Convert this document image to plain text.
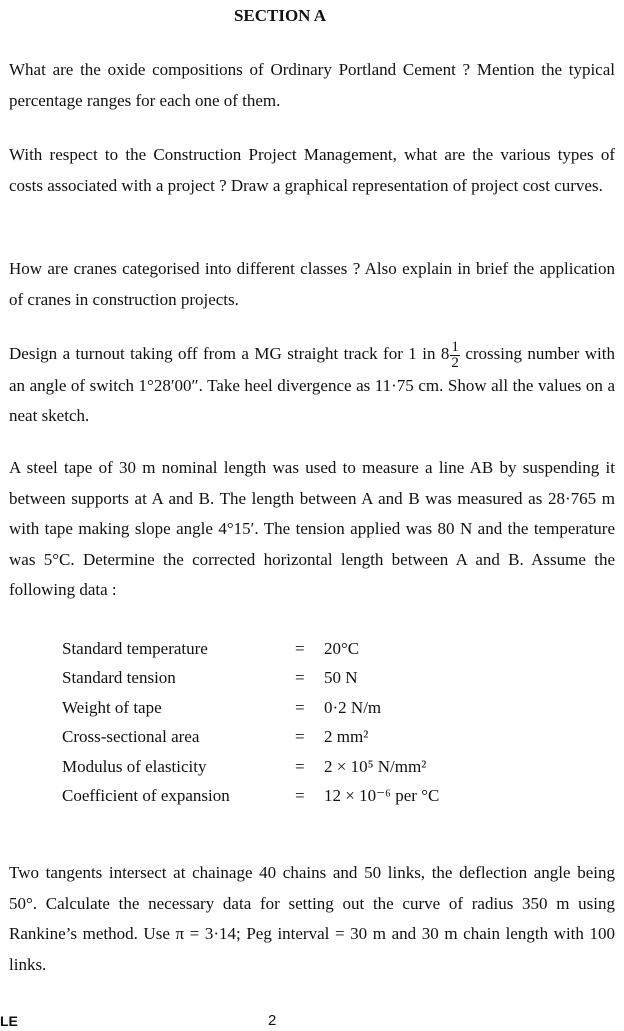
SECTION A
What are the oxide compositions of Ordinary Portland Cement ? Mention the typical percentage ranges for each one of them.
With respect to the Construction Project Management, what are the various types of costs associated with a project ? Draw a graphical representation of project cost curves.
How are cranes categorised into different classes ? Also explain in brief the application of cranes in construction projects.
Design a turnout taking off from a MG straight track for 1 in $8 \frac{1}{2}$ crossing number with an angle of switch 1°28′00″. Take heel divergence as 11·75 cm. Show all the values on a neat sketch.
A steel tape of 30 m nominal length was used to measure a line AB by suspending it between supports at A and B. The length between A and B was measured as 28·765 m with tape making slope angle 4°15′. The tension applied was 80 N and the temperature was 5°C. Determine the corrected horizontal length between A and B. Assume the following data :
Standard temperature	=	20°C
Standard tension	=	50 N
Weight of tape	=	0·2 N/m
Cross-sectional area	=	2 mm²
Modulus of elasticity	=	2 × 10⁵ N/mm²
Coefficient of expansion	=	12 × 10⁻⁶ per °C
Two tangents intersect at chainage 40 chains and 50 links, the deflection angle being 50°. Calculate the necessary data for setting out the curve of radius 350 m using Rankine’s method. Use π = 3·14; Peg interval = 30 m and 30 m chain length with 100 links.
LE	2
